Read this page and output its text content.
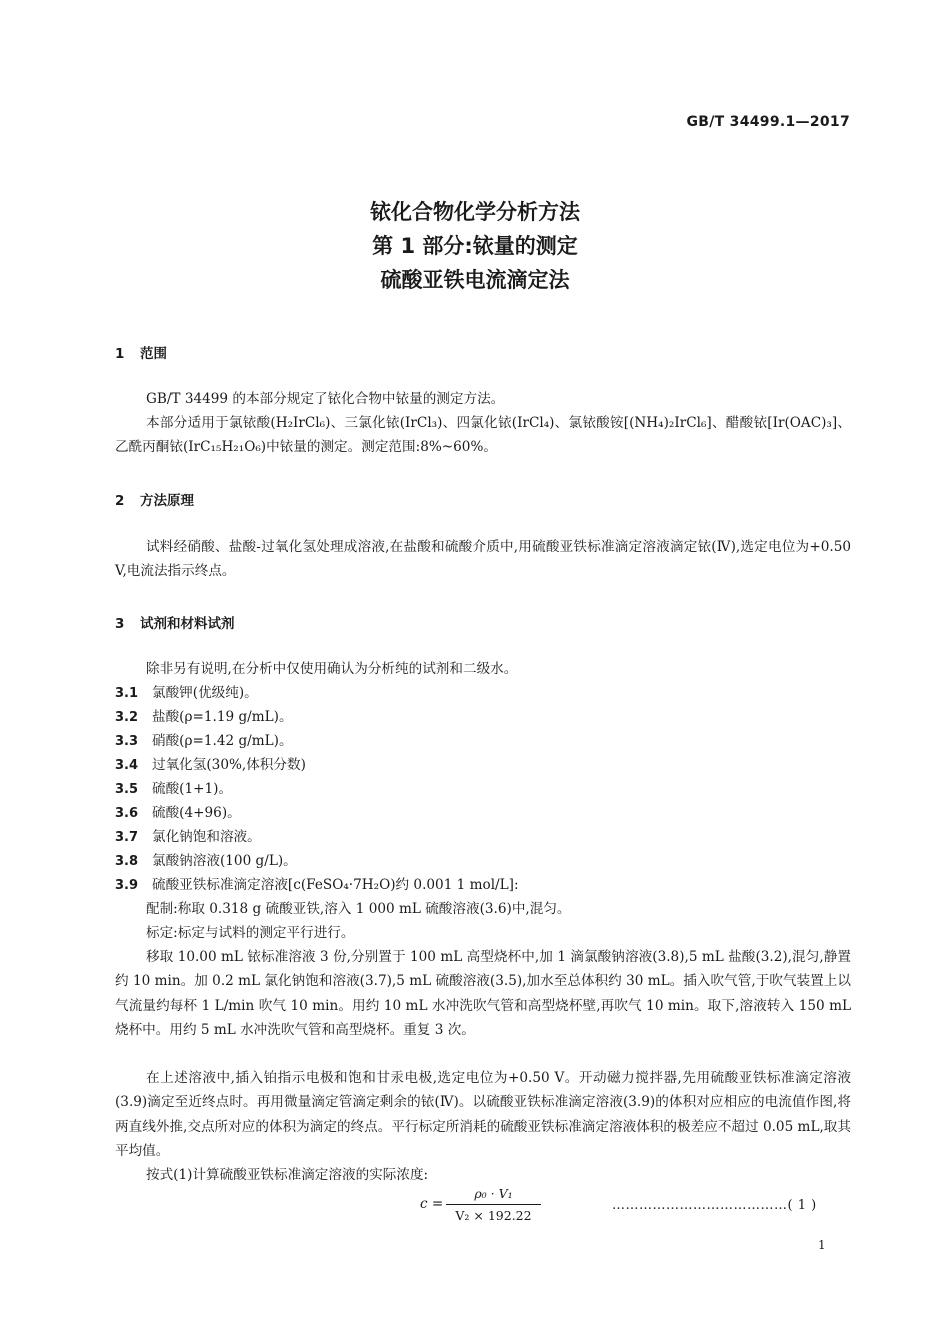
GB/T 34499.1—2017
铱化合物化学分析方法
第 1 部分:铱量的测定
硫酸亚铁电流滴定法
1 范围

GB/T 34499 的本部分规定了铱化合物中铱量的测定方法。

本部分适用于氯铱酸(H₂IrCl₆)、三氯化铱(IrCl₃)、四氯化铱(IrCl₄)、氯铱酸铵[(NH₄)₂IrCl₆]、醋酸铱[Ir(OAC)₃]、乙酰丙酮铱(IrC₁₅H₂₁O₆)中铱量的测定。测定范围:8%~60%。

2 方法原理

试料经硝酸、盐酸-过氧化氢处理成溶液,在盐酸和硫酸介质中,用硫酸亚铁标准滴定溶液滴定铱(Ⅳ),选定电位为+0.50 V,电流法指示终点。

3 试剂和材料试剂

除非另有说明,在分析中仅使用确认为分析纯的试剂和二级水。

3.1 氯酸钾(优级纯)。
3.2 盐酸(ρ=1.19 g/mL)。
3.3 硝酸(ρ=1.42 g/mL)。
3.4 过氧化氢(30%,体积分数)
3.5 硫酸(1+1)。
3.6 硫酸(4+96)。
3.7 氯化钠饱和溶液。
3.8 氯酸钠溶液(100 g/L)。
3.9 硫酸亚铁标准滴定溶液[c(FeSO₄·7H₂O)约 0.001 1 mol/L]:

配制:称取 0.318 g 硫酸亚铁,溶入 1 000 mL 硫酸溶液(3.6)中,混匀。

标定:标定与试料的测定平行进行。

移取 10.00 mL 铱标准溶液 3 份,分别置于 100 mL 高型烧杯中,加 1 滴氯酸钠溶液(3.8),5 mL 盐酸(3.2),混匀,静置约 10 min。加 0.2 mL 氯化钠饱和溶液(3.7),5 mL 硫酸溶液(3.5),加水至总体积约 30 mL。插入吹气管,于吹气装置上以气流量约每杯 1 L/min 吹气 10 min。用约 10 mL 水冲洗吹气管和高型烧杯壁,再吹气 10 min。取下,溶液转入 150 mL 烧杯中。用约 5 mL 水冲洗吹气管和高型烧杯。重复 3 次。

在上述溶液中,插入铂指示电极和饱和甘汞电极,选定电位为+0.50 V。开动磁力搅拌器,先用硫酸亚铁标准滴定溶液(3.9)滴定至近终点时。再用微量滴定管滴定剩余的铱(Ⅳ)。以硫酸亚铁标准滴定溶液(3.9)的体积对应相应的电流值作图,将两直线外推,交点所对应的体积为滴定的终点。平行标定所消耗的硫酸亚铁标准滴定溶液体积的极差应不超过 0.05 mL,取其平均值。

按式(1)计算硫酸亚铁标准滴定溶液的实际浓度:

$c = \frac{\text{ρ₀ · V₁}}{\text{V₂ × 192.22}}$	…………………………………( 1 )
1
